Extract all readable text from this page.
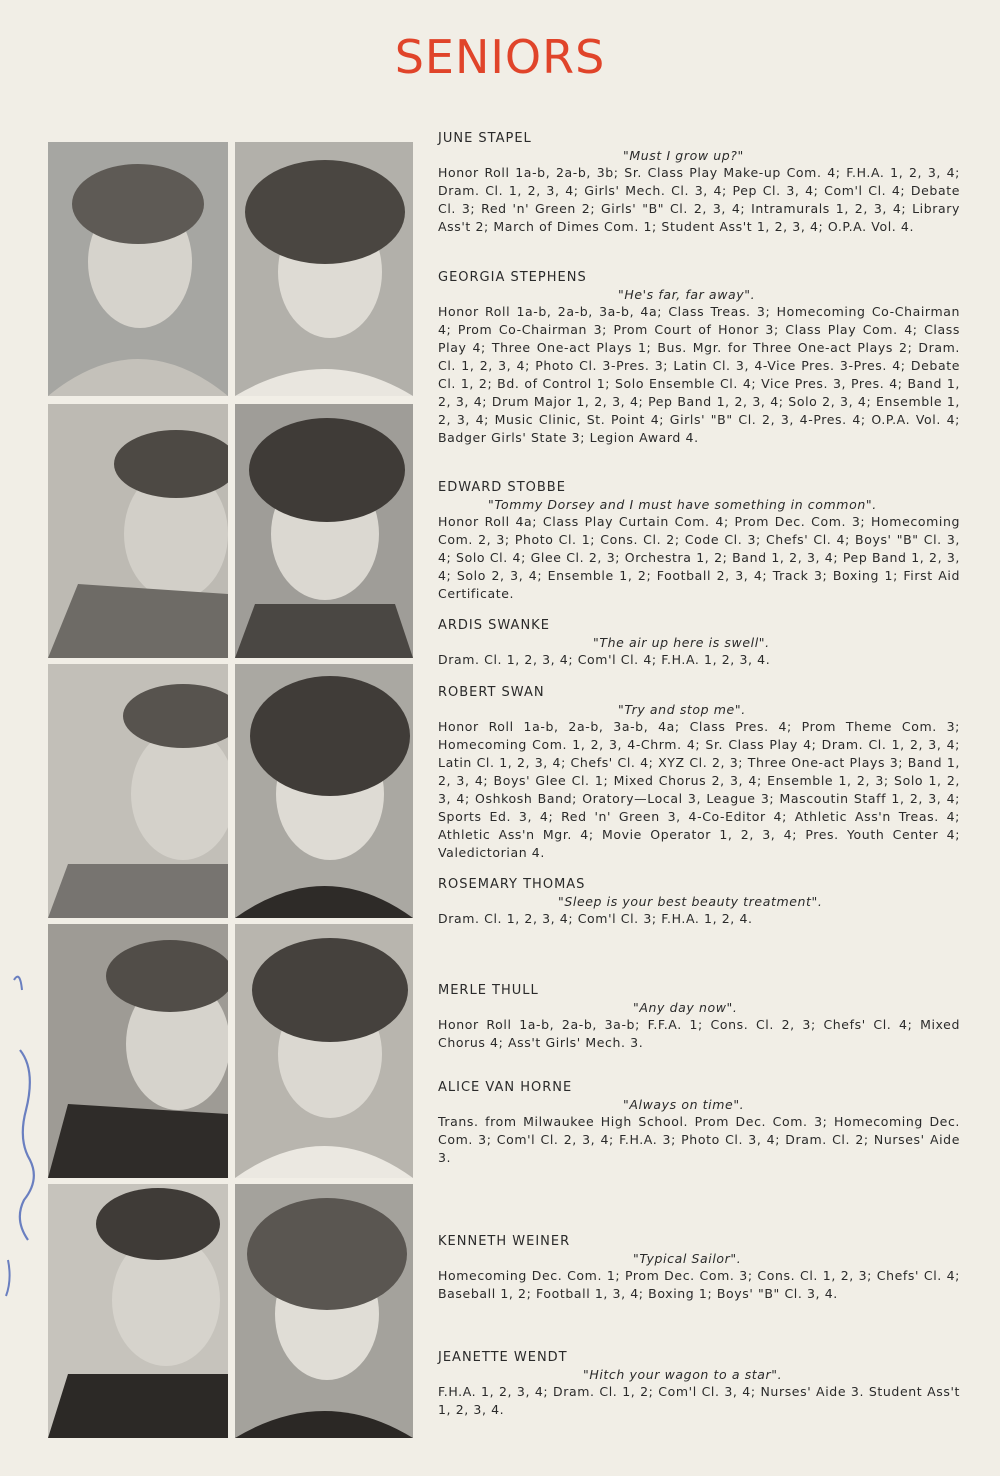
SENIORS
JUNE STAPEL
"Must I grow up?"
Honor Roll 1a-b, 2a-b, 3b; Sr. Class Play Make-up Com. 4; F.H.A. 1, 2, 3, 4; Dram. Cl. 1, 2, 3, 4; Girls' Mech. Cl. 3, 4; Pep Cl. 3, 4; Com'l Cl. 4; Debate Cl. 3; Red 'n' Green 2; Girls' "B" Cl. 2, 3, 4; Intramurals 1, 2, 3, 4; Library Ass't 2; March of Dimes Com. 1; Student Ass't 1, 2, 3, 4; O.P.A. Vol. 4.
GEORGIA STEPHENS
"He's far, far away".
Honor Roll 1a-b, 2a-b, 3a-b, 4a; Class Treas. 3; Homecoming Co-Chairman 4; Prom Co-Chairman 3; Prom Court of Honor 3; Class Play Com. 4; Class Play 4; Three One-act Plays 1; Bus. Mgr. for Three One-act Plays 2; Dram. Cl. 1, 2, 3, 4; Photo Cl. 3-Pres. 3; Latin Cl. 3, 4-Vice Pres. 3-Pres. 4; Debate Cl. 1, 2; Bd. of Control 1; Solo Ensemble Cl. 4; Vice Pres. 3, Pres. 4; Band 1, 2, 3, 4; Drum Major 1, 2, 3, 4; Pep Band 1, 2, 3, 4; Solo 2, 3, 4; Ensemble 1, 2, 3, 4; Music Clinic, St. Point 4; Girls' "B" Cl. 2, 3, 4-Pres. 4; O.P.A. Vol. 4; Badger Girls' State 3; Legion Award 4.
EDWARD STOBBE
"Tommy Dorsey and I must have something in common".
Honor Roll 4a; Class Play Curtain Com. 4; Prom Dec. Com. 3; Homecoming Com. 2, 3; Photo Cl. 1; Cons. Cl. 2; Code Cl. 3; Chefs' Cl. 4; Boys' "B" Cl. 3, 4; Solo Cl. 4; Glee Cl. 2, 3; Orchestra 1, 2; Band 1, 2, 3, 4; Pep Band 1, 2, 3, 4; Solo 2, 3, 4; Ensemble 1, 2; Football 2, 3, 4; Track 3; Boxing 1; First Aid Certificate.
ARDIS SWANKE
"The air up here is swell".
Dram. Cl. 1, 2, 3, 4; Com'l Cl. 4; F.H.A. 1, 2, 3, 4.
ROBERT SWAN
"Try and stop me".
Honor Roll 1a-b, 2a-b, 3a-b, 4a; Class Pres. 4; Prom Theme Com. 3; Homecoming Com. 1, 2, 3, 4-Chrm. 4; Sr. Class Play 4; Dram. Cl. 1, 2, 3, 4; Latin Cl. 1, 2, 3, 4; Chefs' Cl. 4; XYZ Cl. 2, 3; Three One-act Plays 3; Band 1, 2, 3, 4; Boys' Glee Cl. 1; Mixed Chorus 2, 3, 4; Ensemble 1, 2, 3; Solo 1, 2, 3, 4; Oshkosh Band; Oratory—Local 3, League 3; Mascoutin Staff 1, 2, 3, 4; Sports Ed. 3, 4; Red 'n' Green 3, 4-Co-Editor 4; Athletic Ass'n Treas. 4; Athletic Ass'n Mgr. 4; Movie Operator 1, 2, 3, 4; Pres. Youth Center 4; Valedictorian 4.
ROSEMARY THOMAS
"Sleep is your best beauty treatment".
Dram. Cl. 1, 2, 3, 4; Com'l Cl. 3; F.H.A. 1, 2, 4.
MERLE THULL
"Any day now".
Honor Roll 1a-b, 2a-b, 3a-b; F.F.A. 1; Cons. Cl. 2, 3; Chefs' Cl. 4; Mixed Chorus 4; Ass't Girls' Mech. 3.
ALICE VAN HORNE
"Always on time".
Trans. from Milwaukee High School. Prom Dec. Com. 3; Homecoming Dec. Com. 3; Com'l Cl. 2, 3, 4; F.H.A. 3; Photo Cl. 3, 4; Dram. Cl. 2; Nurses' Aide 3.
KENNETH WEINER
"Typical Sailor".
Homecoming Dec. Com. 1; Prom Dec. Com. 3; Cons. Cl. 1, 2, 3; Chefs' Cl. 4; Baseball 1, 2; Football 1, 3, 4; Boxing 1; Boys' "B" Cl. 3, 4.
JEANETTE WENDT
"Hitch your wagon to a star".
F.H.A. 1, 2, 3, 4; Dram. Cl. 1, 2; Com'l Cl. 3, 4; Nurses' Aide 3. Student Ass't 1, 2, 3, 4.
